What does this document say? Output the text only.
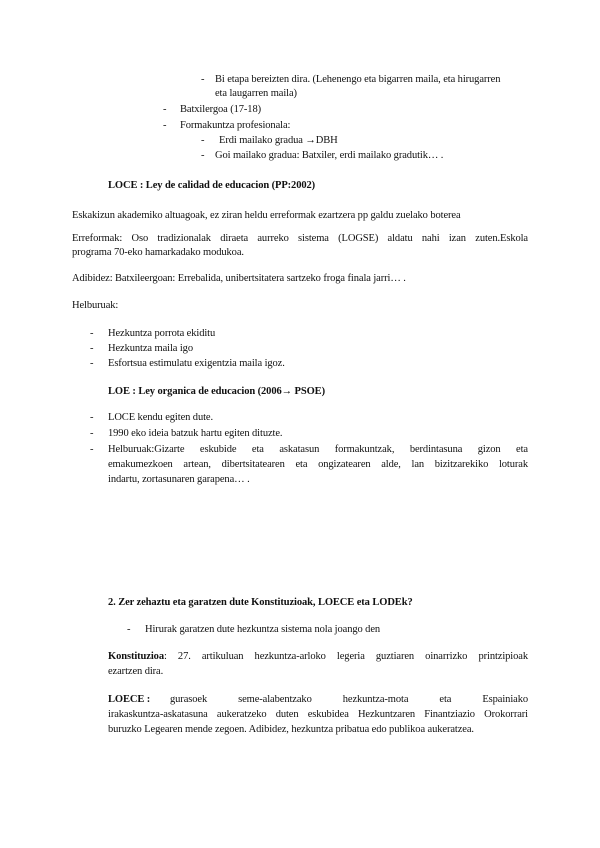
- Bi etapa bereizten dira. (Lehenengo eta bigarren maila, eta hirugarren
eta laugarren maila)
- Batxilergoa (17-18)
- Formakuntza profesionala:
- Erdi mailako gradua →DBH
- Goi mailako gradua: Batxiler, erdi mailako gradutik… .
LOCE : Ley de calidad de educacion (PP:2002)
Eskakizun akademiko altuagoak, ez ziran heldu erreformak ezartzera pp galdu zuelako boterea
Erreformak: Oso tradizionalak diraeta aurreko sistema (LOGSE) aldatu nahi izan zuten.Eskola
programa 70-eko hamarkadako modukoa.
Adibidez: Batxileergoan: Errebalida, unibertsitatera sartzeko froga finala jarri… .
Helburuak:
- Hezkuntza porrota ekiditu
- Hezkuntza maila igo
- Esfortsua estimulatu exigentzia maila igoz.
LOE : Ley organica de educacion (2006→ PSOE)
- LOCE kendu egiten dute.
- 1990 eko ideia batzuk hartu egiten dituzte.
- Helburuak:Gizarte eskubide eta askatasun formakuntzak, berdintasuna gizon eta
emakumezkoen artean, dibertsitatearen eta ongizatearen alde, lan bizitzarekiko loturak
indartu, zortasunaren garapena… .
2. Zer zehaztu eta garatzen dute Konstituzioak, LOECE eta LODEk?
- Hirurak garatzen dute hezkuntza sistema nola joango den
Konstituzioa: 27. artikuluan hezkuntza-arloko legeria guztiaren oinarrizko printzipioak
ezartzen dira.
LOECE : gurasoek seme-alabentzako hezkuntza-mota eta Espainiako
irakaskuntza-askatasuna aukeratzeko duten eskubidea Hezkuntzaren Finantziazio Orokorrari
buruzko Legearen mende zegoen. Adibidez, hezkuntza pribatua edo publikoa aukeratzea.
